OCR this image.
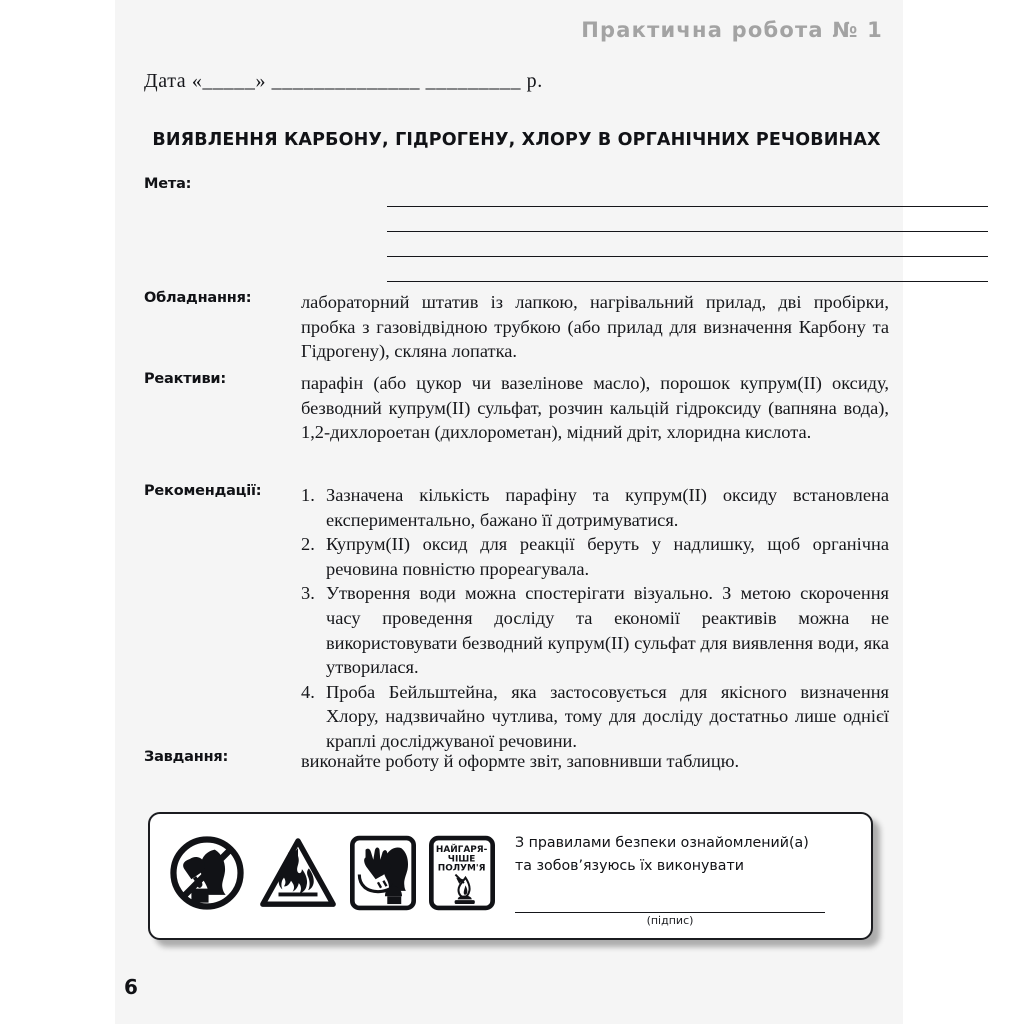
Практична робота № 1
Дата «_____» ______________ _________ р.
ВИЯВЛЕННЯ КАРБОНУ, ГІДРОГЕНУ, ХЛОРУ В ОРГАНІЧНИХ РЕЧОВИНАХ
Мета:
Обладнання:	лабораторний штатив із лапкою, нагрівальний прилад, дві пробірки, пробка з газовідвідною трубкою (або прилад для визначення Карбону та Гідрогену), скляна лопатка.
Реактиви:	парафін (або цукор чи вазелінове масло), порошок купрум(II) оксиду, безводний купрум(II) сульфат, розчин кальцій гідроксиду (вапняна вода), 1,2-дихлороетан (дихлорометан), мідний дріт, хлоридна кислота.
Рекомендації:	1. Зазначена кількість парафіну та купрум(II) оксиду встановлена експериментально, бажано її дотримуватися.
2. Купрум(II) оксид для реакції беруть у надлишку, щоб органічна речовина повністю прореагувала.
3. Утворення води можна спостерігати візуально. З метою скорочення часу проведення досліду та економії реактивів можна не використовувати безводний купрум(II) сульфат для виявлення води, яка утворилася.
4. Проба Бейльштейна, яка застосовується для якісного визначення Хлору, надзвичайно чутлива, тому для досліду достатньо лише однієї краплі досліджуваної речовини.
Завдання:	виконайте роботу й оформте звіт, заповнивши таблицю.
НАЙГАРЯ-
ЧІШЕ
ПОЛУМ'Я
З правилами безпеки ознайомлений(а)
та зобов’язуюсь їх виконувати
(підпис)
6
